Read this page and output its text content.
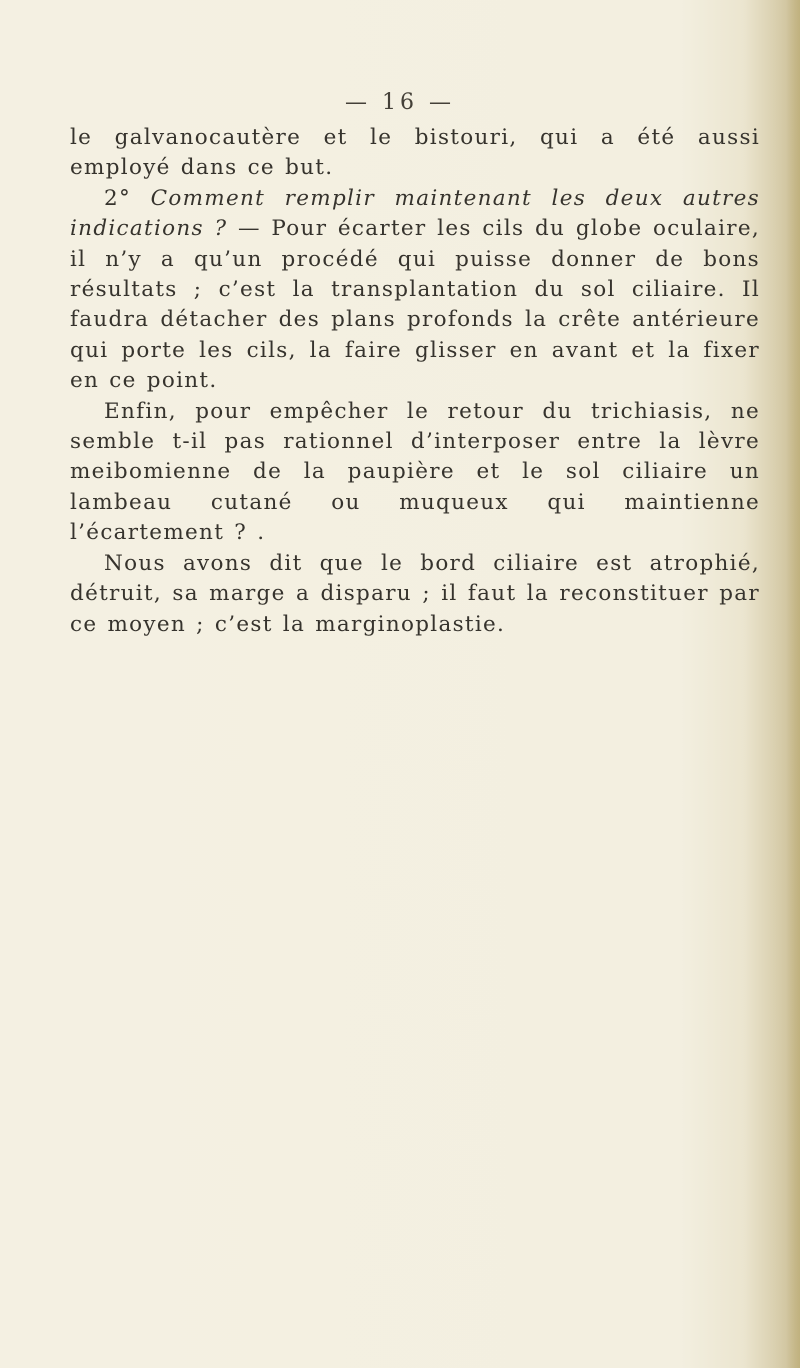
— 16 —

le galvanocautère et le bistouri, qui a été aussi employé dans ce but.

2° Comment remplir maintenant les deux autres indications ? — Pour écarter les cils du globe oculaire, il n’y a qu’un procédé qui puisse donner de bons résultats ; c’est la transplantation du sol ciliaire. Il faudra détacher des plans profonds la crête antérieure qui porte les cils, la faire glisser en avant et la fixer en ce point.

Enfin, pour empêcher le retour du trichiasis, ne semble t-il pas rationnel d’interposer entre la lèvre meibomienne de la paupière et le sol ciliaire un lambeau cutané ou muqueux qui maintienne l’écartement ? .

Nous avons dit que le bord ciliaire est atrophié, détruit, sa marge a disparu ; il faut la reconstituer par ce moyen ; c’est la marginoplastie.
